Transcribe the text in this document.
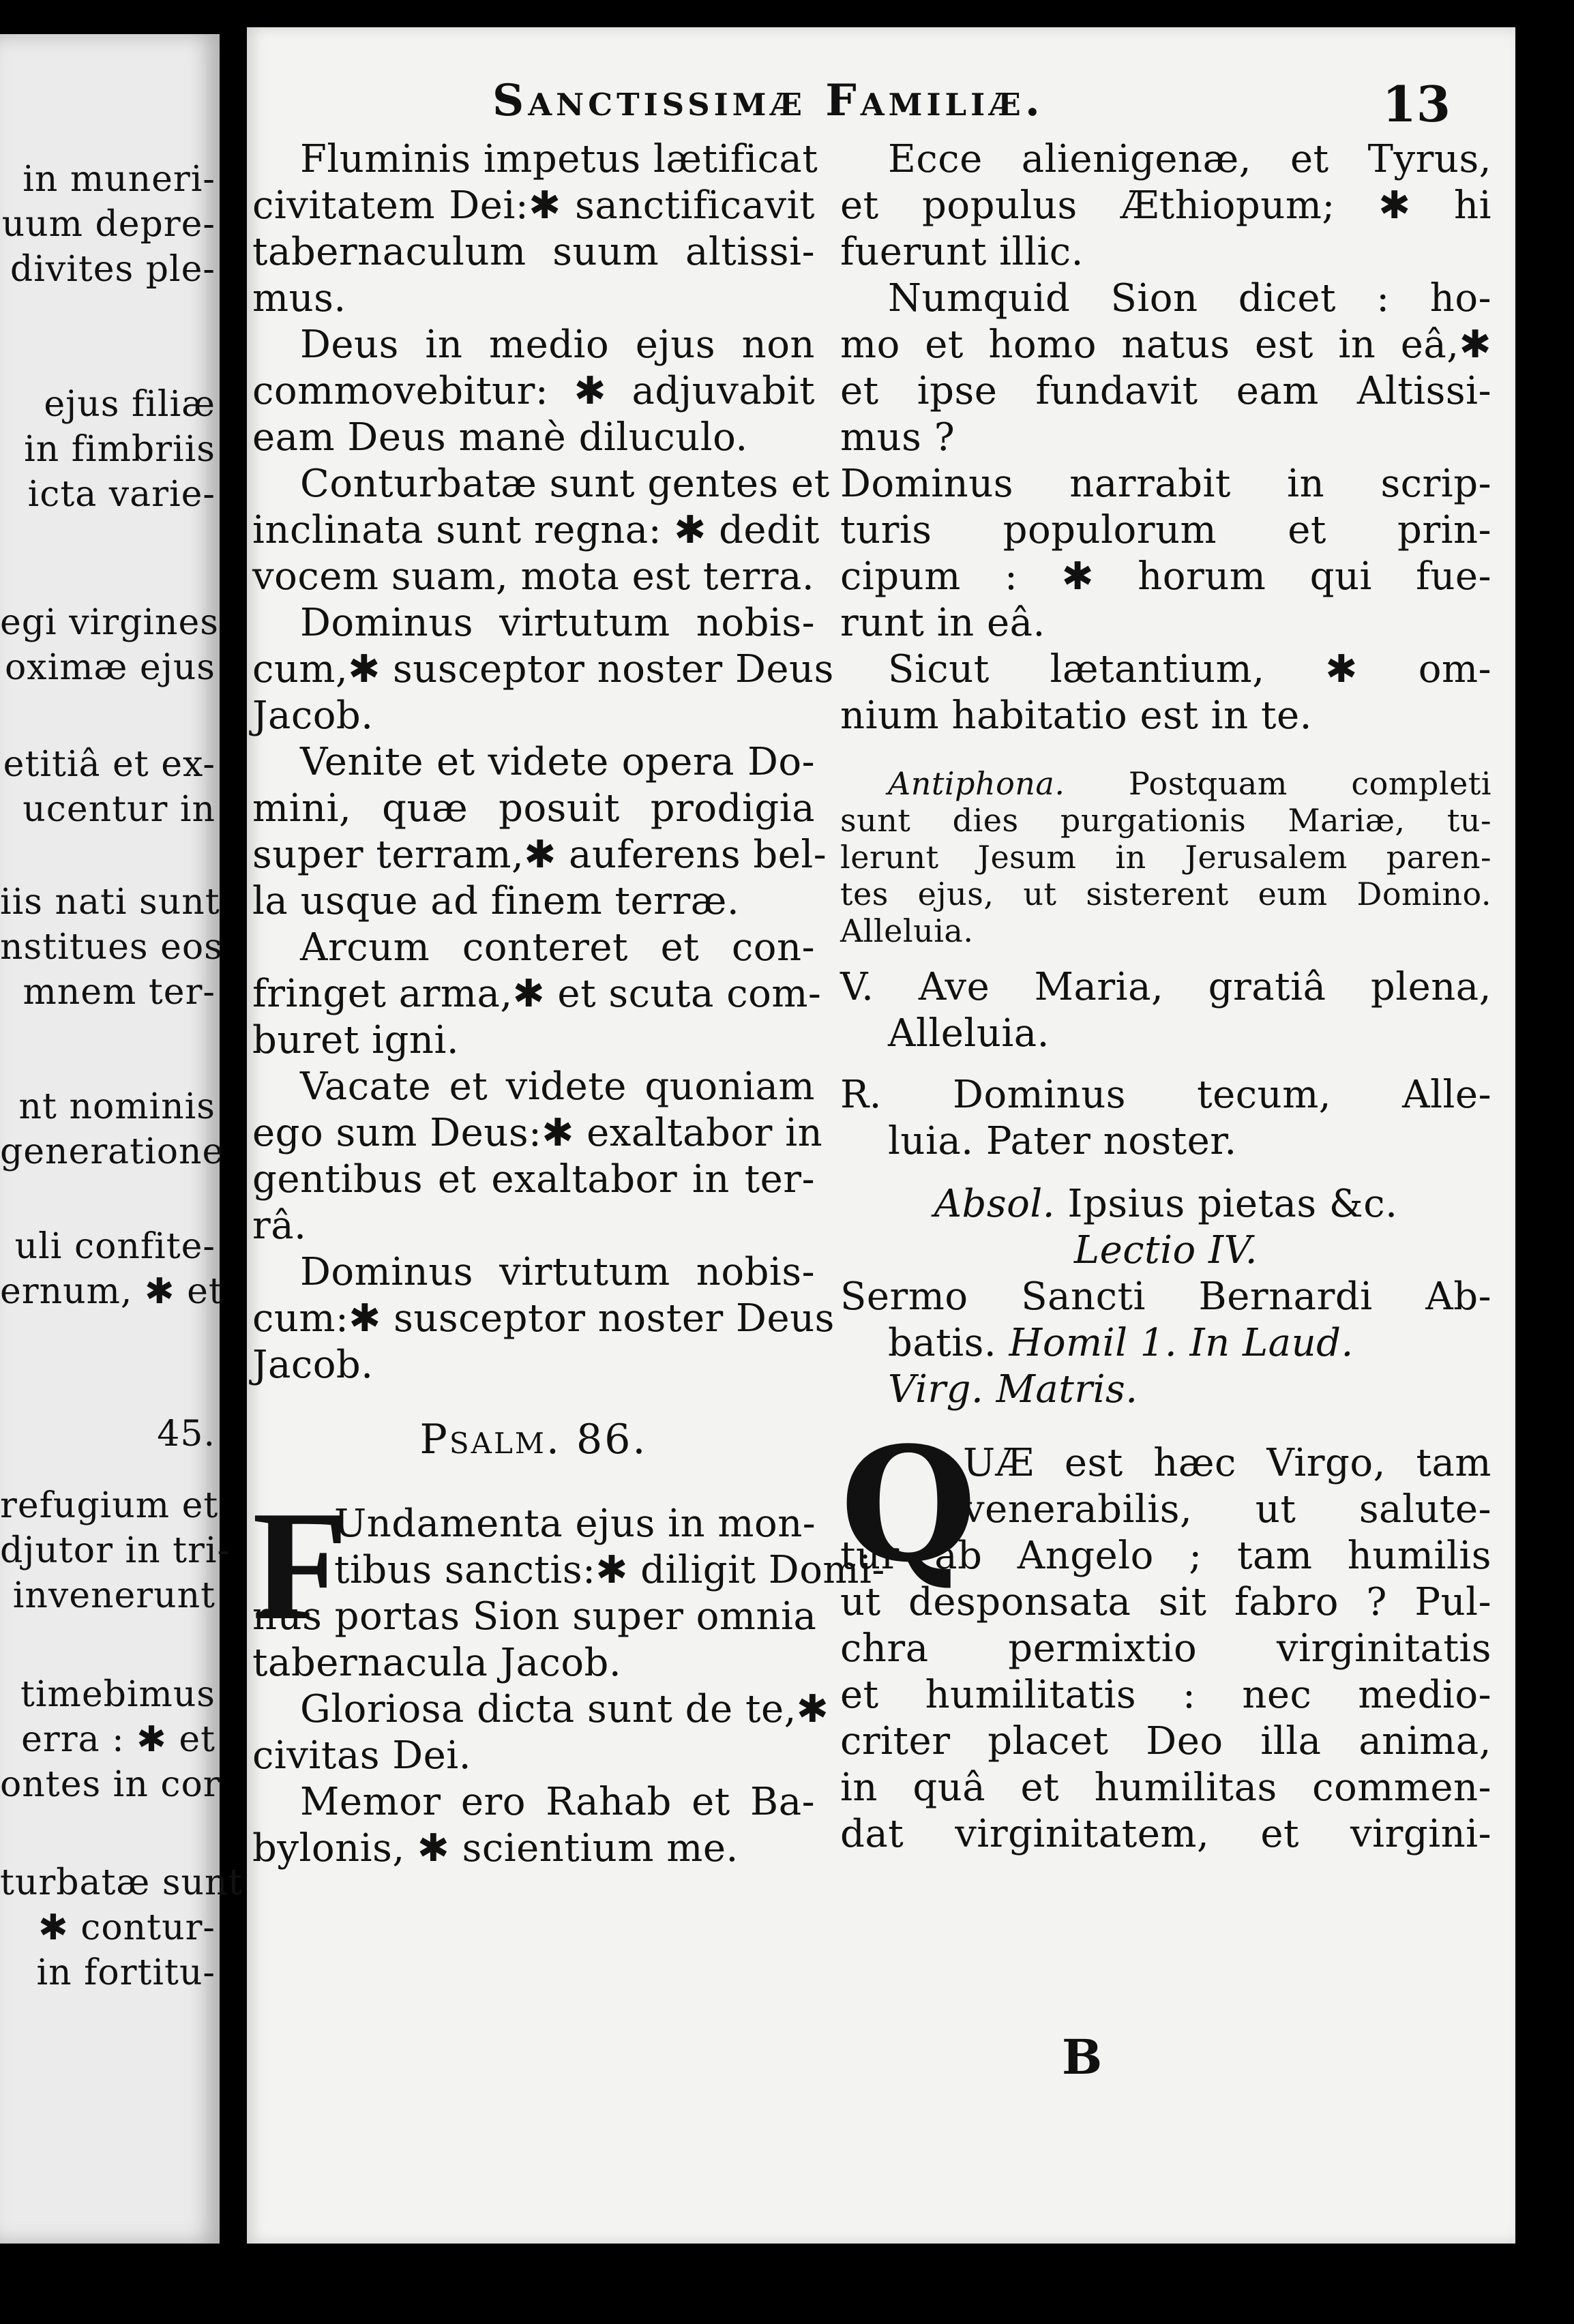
in muneri-
uum depre-
divites ple-
ejus filiæ
in fimbriis
icta varie-
egi virgines
oximæ ejus
etitiâ et ex-
ucentur in
iis nati sunt
nstitues eos
mnem ter-
nt nominis
generatione
uli confite-
ernum, ✱ et
45.
refugium et
djutor in tri-
invenerunt
timebimus
erra : ✱ et
ontes in cor
turbatæ sunt
✱ contur-
in fortitu-
Sanctissimæ Familiæ.	13
Fluminis impetus lætificat
civitatem Dei:✱ sanctificavit
tabernaculum suum altissi-
mus.
Deus in medio ejus non
commovebitur: ✱ adjuvabit
eam Deus manè diluculo.
Conturbatæ sunt gentes et
inclinata sunt regna: ✱ dedit
vocem suam, mota est terra.
Dominus virtutum nobis-
cum,✱ susceptor noster Deus
Jacob.
Venite et videte opera Do-
mini, quæ posuit prodigia
super terram,✱ auferens bel-
la usque ad finem terræ.
Arcum conteret et con-
fringet arma,✱ et scuta com-
buret igni.
Vacate et videte quoniam
ego sum Deus:✱ exaltabor in
gentibus et exaltabor in ter-
râ.
Dominus virtutum nobis-
cum:✱ susceptor noster Deus
Jacob.
Psalm. 86.
F
Undamenta ejus in mon-
tibus sanctis:✱ diligit Domi-
nus portas Sion super omnia
tabernacula Jacob.
Gloriosa dicta sunt de te,✱
civitas Dei.
Memor ero Rahab et Ba-
bylonis, ✱ scientium me.
Ecce alienigenæ, et Tyrus,
et populus Æthiopum; ✱ hi
fuerunt illic.
Numquid Sion dicet : ho-
mo et homo natus est in eâ,✱
et ipse fundavit eam Altissi-
mus ?
Dominus narrabit in scrip-
turis populorum et prin-
cipum : ✱ horum qui fue-
runt in eâ.
Sicut lætantium, ✱ om-
nium habitatio est in te.
Antiphona. Postquam completi
sunt dies purgationis Mariæ, tu-
lerunt Jesum in Jerusalem paren-
tes ejus, ut sisterent eum Domino.
Alleluia.
V. Ave Maria, gratiâ plena,
Alleluia.
R. Dominus tecum, Alle-
luia. Pater noster.
Absol. Ipsius pietas &c.
Lectio IV.
Sermo Sancti Bernardi Ab-
batis. Homil 1. In Laud.
Virg. Matris.
Q
UÆ est hæc Virgo, tam
venerabilis, ut salute-
tur ab Angelo ; tam humilis
ut desponsata sit fabro ? Pul-
chra permixtio virginitatis
et humilitatis : nec medio-
criter placet Deo illa anima,
in quâ et humilitas commen-
dat virginitatem, et virgini-
B
